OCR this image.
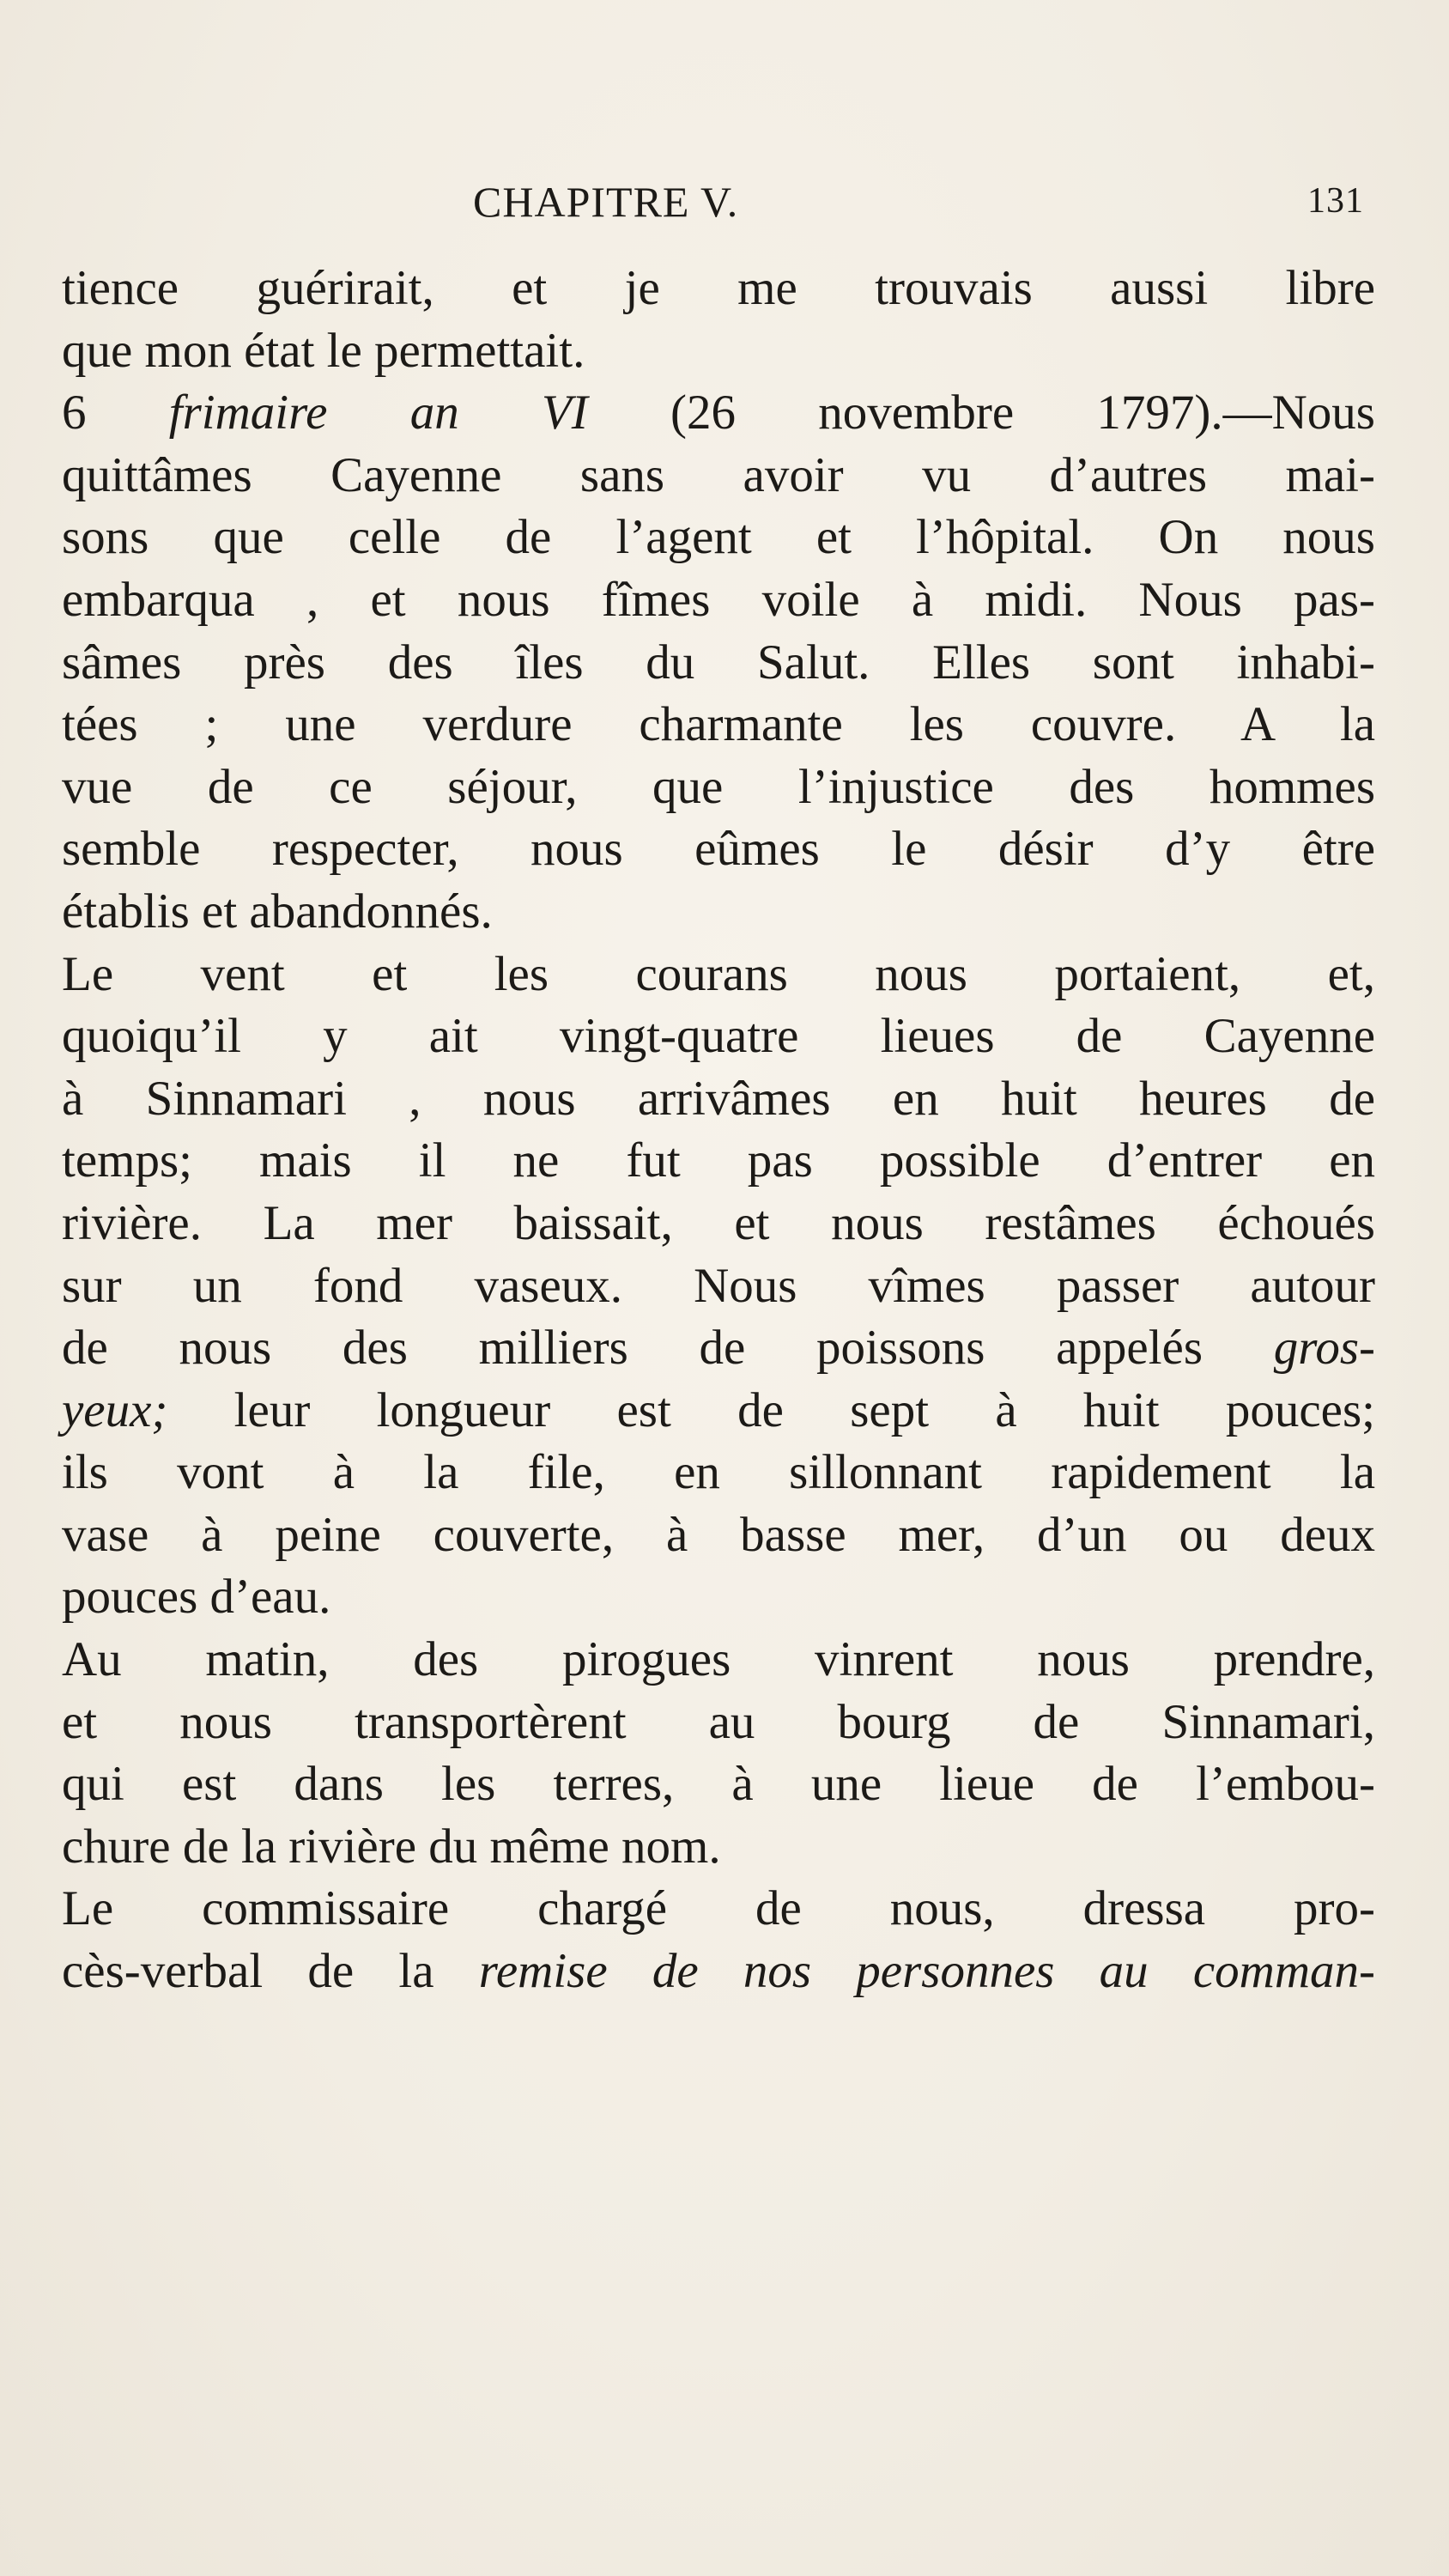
CHAPITRE V.	131
tience guérirait, et je me trouvais aussi libre
que mon état le permettait.
6 frimaire an VI (26 novembre 1797).—Nous
quittâmes Cayenne sans avoir vu d’autres mai-
sons que celle de l’agent et l’hôpital. On nous
embarqua , et nous fîmes voile à midi. Nous pas-
sâmes près des îles du Salut. Elles sont inhabi-
tées ; une verdure charmante les couvre. A la
vue de ce séjour, que l’injustice des hommes
semble respecter, nous eûmes le désir d’y être
établis et abandonnés.
Le vent et les courans nous portaient, et,
quoiqu’il y ait vingt-quatre lieues de Cayenne
à Sinnamari , nous arrivâmes en huit heures de
temps; mais il ne fut pas possible d’entrer en
rivière. La mer baissait, et nous restâmes échoués
sur un fond vaseux. Nous vîmes passer autour
de nous des milliers de poissons appelés gros-
yeux; leur longueur est de sept à huit pouces;
ils vont à la file, en sillonnant rapidement la
vase à peine couverte, à basse mer, d’un ou deux
pouces d’eau.
Au matin, des pirogues vinrent nous prendre,
et nous transportèrent au bourg de Sinnamari,
qui est dans les terres, à une lieue de l’embou-
chure de la rivière du même nom.
Le commissaire chargé de nous, dressa pro-
cès-verbal de la remise de nos personnes au comman-
